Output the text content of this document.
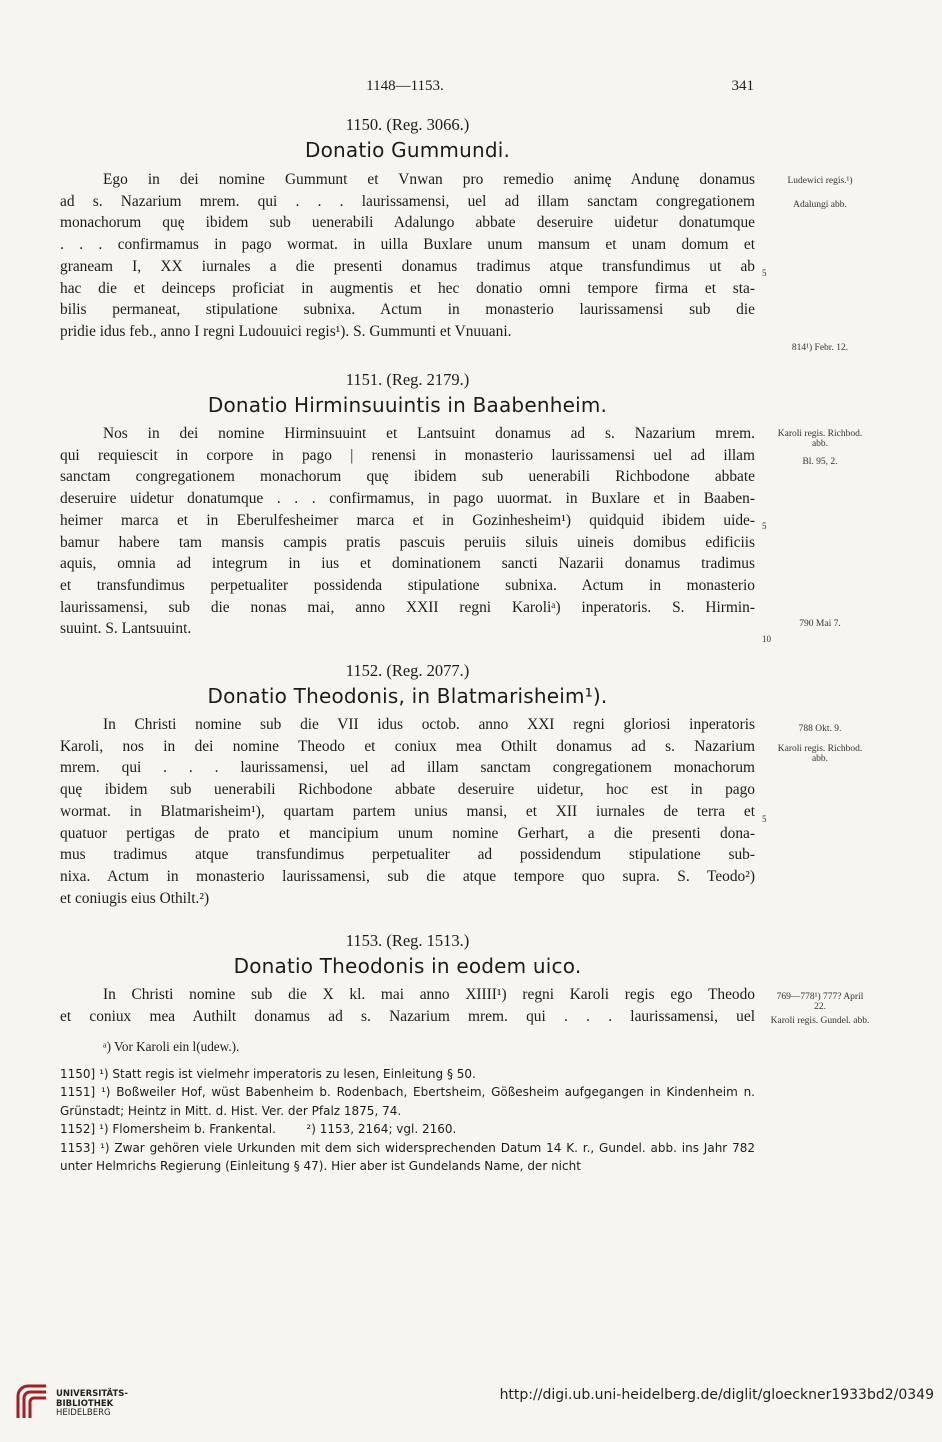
1148—1153.	341
1150. (Reg. 3066.)
Donatio Gummundi.
Ego in dei nomine Gummunt et Vnwan pro remedio animę Andunę donamus
ad s. Nazarium mrem. qui . . . laurissamensi, uel ad illam sanctam congregationem
monachorum quę ibidem sub uenerabili Adalungo abbate deseruire uidetur donatumque
. . . confirmamus in pago wormat. in uilla Buxlare unum mansum et unam domum et
graneam I, XX iurnales a die presenti donamus tradimus atque transfundimus ut ab
hac die et deinceps proficiat in augmentis et hec donatio omni tempore firma et sta-
bilis permaneat, stipulatione subnixa. Actum in monasterio laurissamensi sub die
pridie idus feb., anno I regni Ludouuici regis¹). S. Gummunti et Vnuuani.
Ludewici regis.¹)
Adalungi abb.
814¹) Febr. 12.
5
1151. (Reg. 2179.)
Donatio Hirminsuuintis in Baabenheim.
Nos in dei nomine Hirminsuuint et Lantsuint donamus ad s. Nazarium mrem.
qui requiescit in corpore in pago | renensi in monasterio laurissamensi uel ad illam
sanctam congregationem monachorum quę ibidem sub uenerabili Richbodone abbate
deseruire uidetur donatumque . . . confirmamus, in pago uuormat. in Buxlare et in Baaben-
heimer marca et in Eberulfesheimer marca et in Gozinhesheim¹) quidquid ibidem uide-
bamur habere tam mansis campis pratis pascuis peruiis siluis uineis domibus edificiis
aquis, omnia ad integrum in ius et dominationem sancti Nazarii donamus tradimus
et transfundimus perpetualiter possidenda stipulatione subnixa. Actum in monasterio
laurissamensi, sub die nonas mai, anno XXII regni Karoliᵃ) inperatoris. S. Hirmin-
suuint. S. Lantsuuint.
Karoli regis. Richbod. abb.
Bl. 95, 2.
790 Mai 7.
5
10
1152. (Reg. 2077.)
Donatio Theodonis, in Blatmarisheim¹).
In Christi nomine sub die VII idus octob. anno XXI regni gloriosi inperatoris
Karoli, nos in dei nomine Theodo et coniux mea Othilt donamus ad s. Nazarium
mrem. qui . . . laurissamensi, uel ad illam sanctam congregationem monachorum
quę ibidem sub uenerabili Richbodone abbate deseruire uidetur, hoc est in pago
wormat. in Blatmarisheim¹), quartam partem unius mansi, et XII iurnales de terra et
quatuor pertigas de prato et mancipium unum nomine Gerhart, a die presenti dona-
mus tradimus atque transfundimus perpetualiter ad possidendum stipulatione sub-
nixa. Actum in monasterio laurissamensi, sub die atque tempore quo supra. S. Teodo²)
et coniugis eius Othilt.²)
788 Okt. 9.
Karoli regis. Richbod. abb.
5
1153. (Reg. 1513.)
Donatio Theodonis in eodem uico.
In Christi nomine sub die X kl. mai anno XIIII¹) regni Karoli regis ego Theodo
et coniux mea Authilt donamus ad s. Nazarium mrem. qui . . . laurissamensi, uel
769—778¹) 777? April 22.
Karoli regis. Gundel. abb.
ᵃ) Vor Karoli ein l(udew.).
1150] ¹) Statt regis ist vielmehr imperatoris zu lesen, Einleitung § 50.
1151] ¹) Boßweiler Hof, wüst Babenheim b. Rodenbach, Ebertsheim, Gößesheim aufgegangen in Kindenheim n. Grünstadt; Heintz in Mitt. d. Hist. Ver. der Pfalz 1875, 74.
1152] ¹) Flomersheim b. Frankental.        ²) 1153, 2164; vgl. 2160.
1153] ¹) Zwar gehören viele Urkunden mit dem sich widersprechenden Datum 14 K. r., Gundel. abb. ins Jahr 782 unter Helmrichs Regierung (Einleitung § 47). Hier aber ist Gundelands Name, der nicht
UNIVERSITÄTS-
BIBLIOTHEK
HEIDELBERG
http://digi.ub.uni-heidelberg.de/diglit/gloeckner1933bd2/0349
